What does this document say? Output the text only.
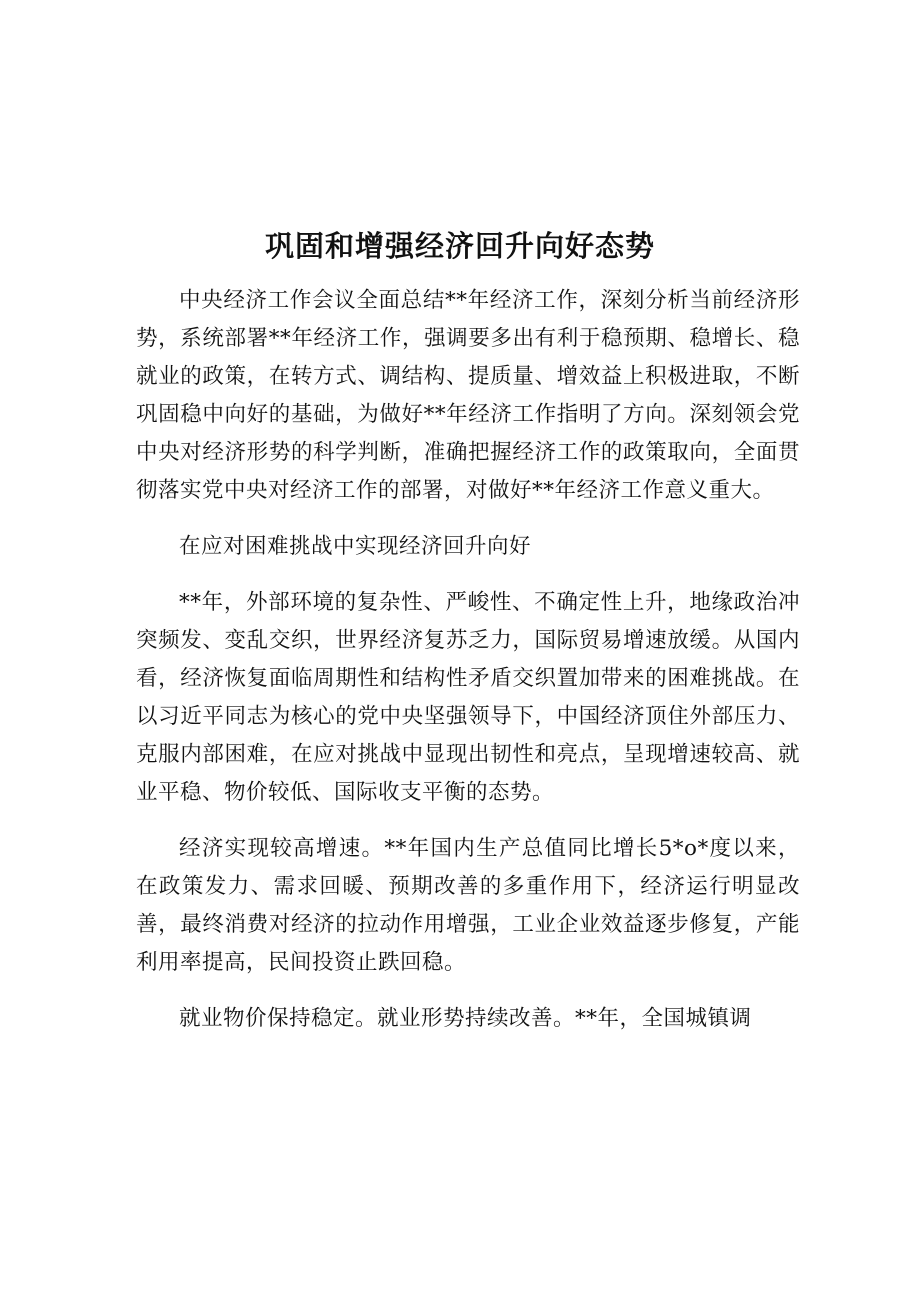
巩固和增强经济回升向好态势

中央经济工作会议全面总结**年经济工作，深刻分析当前经济形势，系统部署**年经济工作，强调要多出有利于稳预期、稳增长、稳就业的政策，在转方式、调结构、提质量、增效益上积极进取，不断巩固稳中向好的基础，为做好**年经济工作指明了方向。深刻领会党中央对经济形势的科学判断，准确把握经济工作的政策取向，全面贯彻落实党中央对经济工作的部署，对做好**年经济工作意义重大。

在应对困难挑战中实现经济回升向好

**年，外部环境的复杂性、严峻性、不确定性上升，地缘政治冲突频发、变乱交织，世界经济复苏乏力，国际贸易增速放缓。从国内看，经济恢复面临周期性和结构性矛盾交织置加带来的困难挑战。在以习近平同志为核心的党中央坚强领导下，中国经济顶住外部压力、克服内部困难，在应对挑战中显现出韧性和亮点，呈现增速较高、就业平稳、物价较低、国际收支平衡的态势。

经济实现较高增速。**年国内生产总值同比增长5*o*度以来，在政策发力、需求回暖、预期改善的多重作用下，经济运行明显改善，最终消费对经济的拉动作用增强，工业企业效益逐步修复，产能利用率提高，民间投资止跌回稳。

就业物价保持稳定。就业形势持续改善。**年，全国城镇调
